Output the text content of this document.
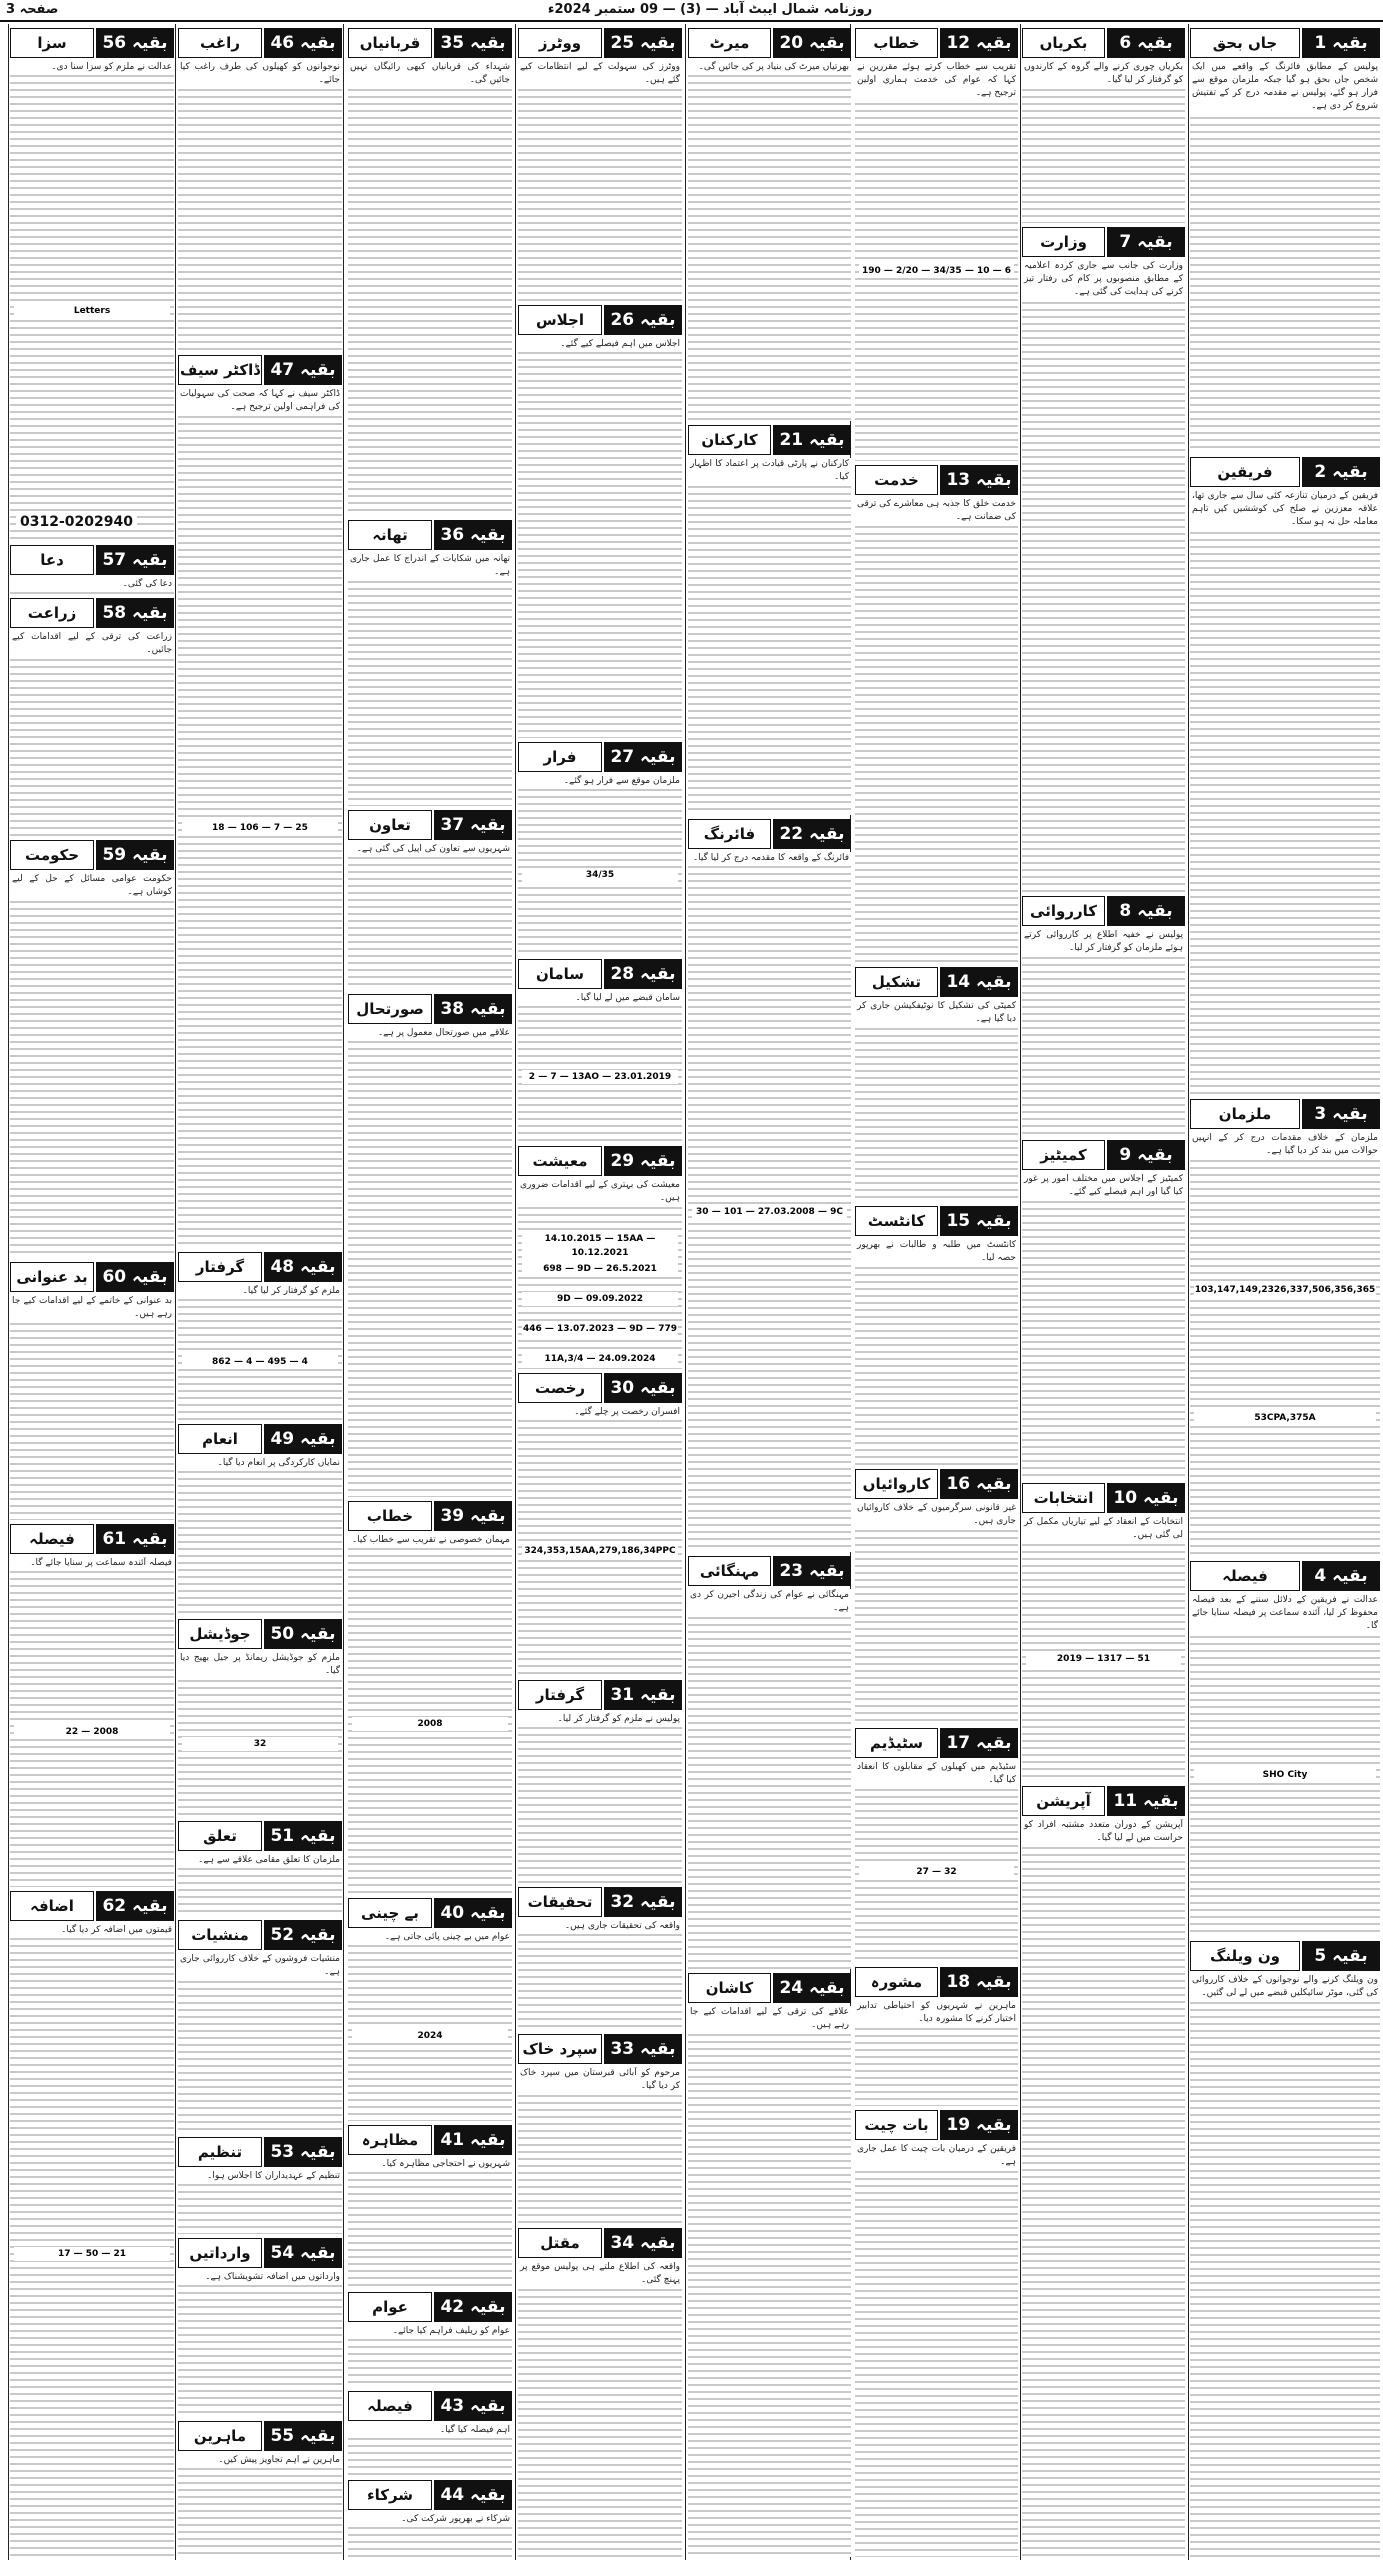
صفحہ 3	روزنامہ شمال ایبٹ آباد — (3) — 09 ستمبر 2024ء
بقیہ 1
جاں بحق
پولیس کے مطابق فائرنگ کے واقعے میں ایک شخص جاں بحق ہو گیا جبکہ ملزمان موقع سے فرار ہو گئے، پولیس نے مقدمہ درج کر کے تفتیش شروع کر دی ہے۔
بقیہ 2
فریقین
فریقین کے درمیان تنازعہ کئی سال سے جاری تھا، علاقہ معززین نے صلح کی کوششیں کیں تاہم معاملہ حل نہ ہو سکا۔
بقیہ 3
ملزمان
ملزمان کے خلاف مقدمات درج کر کے انہیں حوالات میں بند کر دیا گیا ہے۔
103,147,149,2326,337,506,356,365
53CPA,375A
بقیہ 4
فیصلہ
عدالت نے فریقین کے دلائل سننے کے بعد فیصلہ محفوظ کر لیا، آئندہ سماعت پر فیصلہ سنایا جائے گا۔
SHO City
بقیہ 5
ون ویلنگ
ون ویلنگ کرنے والے نوجوانوں کے خلاف کارروائی کی گئی، موٹر سائیکلیں قبضے میں لے لی گئیں۔
بقیہ 6
بکریاں
بکریاں چوری کرنے والے گروہ کے کارندوں کو گرفتار کر لیا گیا۔
بقیہ 7
وزارت
وزارت کی جانب سے جاری کردہ اعلامیہ کے مطابق منصوبوں پر کام کی رفتار تیز کرنے کی ہدایت کی گئی ہے۔
بقیہ 8
کارروائی
پولیس نے خفیہ اطلاع پر کارروائی کرتے ہوئے ملزمان کو گرفتار کر لیا۔
بقیہ 9
کمیٹیز
کمیٹیز کے اجلاس میں مختلف امور پر غور کیا گیا اور اہم فیصلے کیے گئے۔
بقیہ 10
انتخابات
انتخابات کے انعقاد کے لیے تیاریاں مکمل کر لی گئی ہیں۔
2019 — 1317 — 51
بقیہ 11
آپریشن
آپریشن کے دوران متعدد مشتبہ افراد کو حراست میں لے لیا گیا۔
بقیہ 12
خطاب
تقریب سے خطاب کرتے ہوئے مقررین نے کہا کہ عوام کی خدمت ہماری اولین ترجیح ہے۔
190 — 2/20 — 34/35 — 10 — 6
بقیہ 13
خدمت
خدمت خلق کا جذبہ ہی معاشرے کی ترقی کی ضمانت ہے۔
بقیہ 14
تشکیل
کمیٹی کی تشکیل کا نوٹیفکیشن جاری کر دیا گیا ہے۔
بقیہ 15
کانٹسٹ
کانٹسٹ میں طلبہ و طالبات نے بھرپور حصہ لیا۔
بقیہ 16
کاروائیاں
غیر قانونی سرگرمیوں کے خلاف کاروائیاں جاری ہیں۔
بقیہ 17
سٹیڈیم
سٹیڈیم میں کھیلوں کے مقابلوں کا انعقاد کیا گیا۔
27 — 32
بقیہ 18
مشورہ
ماہرین نے شہریوں کو احتیاطی تدابیر اختیار کرنے کا مشورہ دیا۔
بقیہ 19
بات چیت
فریقین کے درمیان بات چیت کا عمل جاری ہے۔
بقیہ 20
میرٹ
بھرتیاں میرٹ کی بنیاد پر کی جائیں گی۔
بقیہ 21
کارکنان
کارکنان نے پارٹی قیادت پر اعتماد کا اظہار کیا۔
بقیہ 22
فائرنگ
فائرنگ کے واقعہ کا مقدمہ درج کر لیا گیا۔
30 — 101 — 27.03.2008 — 9C
بقیہ 23
مہنگائی
مہنگائی نے عوام کی زندگی اجیرن کر دی ہے۔
بقیہ 24
کاشان
علاقے کی ترقی کے لیے اقدامات کیے جا رہے ہیں۔
بقیہ 25
ووٹرز
ووٹرز کی سہولت کے لیے انتظامات کیے گئے ہیں۔
بقیہ 26
اجلاس
اجلاس میں اہم فیصلے کیے گئے۔
بقیہ 27
فرار
ملزمان موقع سے فرار ہو گئے۔
34/35
بقیہ 28
سامان
سامان قبضے میں لے لیا گیا۔
2 — 7 — 13AO — 23.01.2019
بقیہ 29
معیشت
معیشت کی بہتری کے لیے اقدامات ضروری ہیں۔
14.10.2015 — 15AA — 10.12.2021
698 — 9D — 26.5.2021
9D — 09.09.2022
446 — 13.07.2023 — 9D — 779
11A,3/4 — 24.09.2024
بقیہ 30
رخصت
افسران رخصت پر چلے گئے۔
324,353,15AA,279,186,34PPC
بقیہ 31
گرفتار
پولیس نے ملزم کو گرفتار کر لیا۔
بقیہ 32
تحقیقات
واقعہ کی تحقیقات جاری ہیں۔
بقیہ 33
سپرد خاک
مرحوم کو آبائی قبرستان میں سپرد خاک کر دیا گیا۔
بقیہ 34
مقتل
واقعہ کی اطلاع ملتے ہی پولیس موقع پر پہنچ گئی۔
بقیہ 35
قربانیاں
شہداء کی قربانیاں کبھی رائیگاں نہیں جائیں گی۔
بقیہ 36
تھانہ
تھانہ میں شکایات کے اندراج کا عمل جاری ہے۔
بقیہ 37
تعاون
شہریوں سے تعاون کی اپیل کی گئی ہے۔
بقیہ 38
صورتحال
علاقے میں صورتحال معمول پر ہے۔
بقیہ 39
خطاب
مہمان خصوصی نے تقریب سے خطاب کیا۔
2008
بقیہ 40
بے چینی
عوام میں بے چینی پائی جاتی ہے۔
2024
بقیہ 41
مظاہرہ
شہریوں نے احتجاجی مظاہرہ کیا۔
بقیہ 42
عوام
عوام کو ریلیف فراہم کیا جائے۔
بقیہ 43
فیصلہ
اہم فیصلہ کیا گیا۔
بقیہ 44
شرکاء
شرکاء نے بھرپور شرکت کی۔
بقیہ 46
راغب
نوجوانوں کو کھیلوں کی طرف راغب کیا جائے۔
بقیہ 47
ڈاکٹر سیف
ڈاکٹر سیف نے کہا کہ صحت کی سہولیات کی فراہمی اولین ترجیح ہے۔
18 — 106 — 7 — 25
بقیہ 48
گرفتار
ملزم کو گرفتار کر لیا گیا۔
862 — 4 — 495 — 4
بقیہ 49
انعام
نمایاں کارکردگی پر انعام دیا گیا۔
بقیہ 50
جوڈیشل
ملزم کو جوڈیشل ریمانڈ پر جیل بھیج دیا گیا۔
32
بقیہ 51
تعلق
ملزمان کا تعلق مقامی علاقے سے ہے۔
بقیہ 52
منشیات
منشیات فروشوں کے خلاف کارروائی جاری ہے۔
بقیہ 53
تنظیم
تنظیم کے عہدیداران کا اجلاس ہوا۔
بقیہ 54
وارداتیں
وارداتوں میں اضافہ تشویشناک ہے۔
بقیہ 55
ماہرین
ماہرین نے اہم تجاویز پیش کیں۔
بقیہ 56
سزا
عدالت نے ملزم کو سزا سنا دی۔
Letters
0312-0202940
بقیہ 57
دعا
دعا کی گئی۔
بقیہ 58
زراعت
زراعت کی ترقی کے لیے اقدامات کیے جائیں۔
بقیہ 59
حکومت
حکومت عوامی مسائل کے حل کے لیے کوشاں ہے۔
بقیہ 60
بد عنوانی
بد عنوانی کے خاتمے کے لیے اقدامات کیے جا رہے ہیں۔
بقیہ 61
فیصلہ
فیصلہ آئندہ سماعت پر سنایا جائے گا۔
22 — 2008
بقیہ 62
اضافہ
قیمتوں میں اضافہ کر دیا گیا۔
17 — 50 — 21
